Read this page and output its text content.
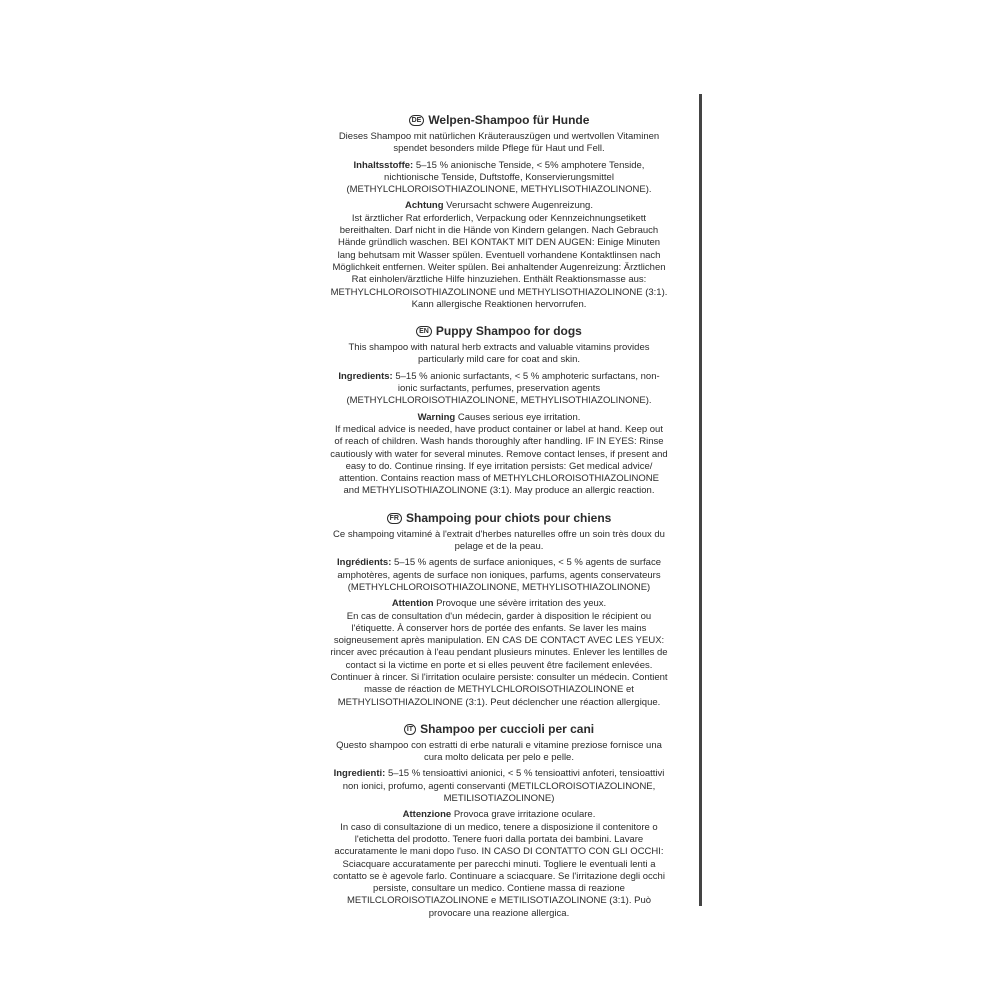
DE Welpen-Shampoo für Hunde
Dieses Shampoo mit natürlichen Kräuterauszügen und wertvollen Vitaminen spendet besonders milde Pflege für Haut und Fell.
Inhaltsstoffe: 5–15 % anionische Tenside, < 5% amphotere Tenside, nichtionische Tenside, Duftstoffe, Konservierungsmittel (METHYLCHLOROISOTHIAZOLINONE, METHYLISOTHIAZOLINONE).
Achtung Verursacht schwere Augenreizung.
Ist ärztlicher Rat erforderlich, Verpackung oder Kennzeichnungsetikett bereithalten. Darf nicht in die Hände von Kindern gelangen. Nach Gebrauch Hände gründlich waschen. BEI KONTAKT MIT DEN AUGEN: Einige Minuten lang behutsam mit Wasser spülen. Eventuell vorhandene Kontaktlinsen nach Möglichkeit entfernen. Weiter spülen. Bei anhaltender Augenreizung: Ärztlichen Rat einholen/ärztliche Hilfe hinzuziehen. Enthält Reaktionsmasse aus: METHYLCHLOROISOTHIAZOLINONE und METHYLISOTHIAZOLINONE (3:1). Kann allergische Reaktionen hervorrufen.
EN Puppy Shampoo for dogs
This shampoo with natural herb extracts and valuable vitamins provides particularly mild care for coat and skin.
Ingredients: 5–15 % anionic surfactants, < 5 % amphoteric surfactans, non-ionic surfactants, perfumes, preservation agents (METHYLCHLOROISOTHIAZOLINONE, METHYLISOTHIAZOLINONE).
Warning Causes serious eye irritation.
If medical advice is needed, have product container or label at hand. Keep out of reach of children. Wash hands thoroughly after handling. IF IN EYES: Rinse cautiously with water for several minutes. Remove contact lenses, if present and easy to do. Continue rinsing. If eye irritation persists: Get medical advice/ attention. Contains reaction mass of METHYLCHLOROISOTHIAZOLINONE and METHYLISOTHIAZOLINONE (3:1). May produce an allergic reaction.
FR Shampoing pour chiots pour chiens
Ce shampoing vitaminé à l'extrait d'herbes naturelles offre un soin très doux du pelage et de la peau.
Ingrédients: 5–15 % agents de surface anioniques, < 5 % agents de surface amphotères, agents de surface non ioniques, parfums, agents conservateurs (METHYLCHLOROISOTHIAZOLINONE, METHYLISOTHIAZOLINONE)
Attention Provoque une sévère irritation des yeux.
En cas de consultation d'un médecin, garder à disposition le récipient ou l'étiquette. À conserver hors de portée des enfants. Se laver les mains soigneusement après manipulation. EN CAS DE CONTACT AVEC LES YEUX: rincer avec précaution à l'eau pendant plusieurs minutes. Enlever les lentilles de contact si la victime en porte et si elles peuvent être facilement enlevées. Continuer à rincer. Si l'irritation oculaire persiste: consulter un médecin. Contient masse de réaction de METHYLCHLOROISOTHIAZOLINONE et METHYLISOTHIAZOLINONE (3:1). Peut déclencher une réaction allergique.
IT Shampoo per cuccioli per cani
Questo shampoo con estratti di erbe naturali e vitamine preziose fornisce una cura molto delicata per pelo e pelle.
Ingredienti: 5–15 % tensioattivi anionici, < 5 % tensioattivi anfoteri, tensioattivi non ionici, profumo, agenti conservanti (METILCLOROISOTIAZOLINONE, METILISOTIAZOLINONE)
Attenzione Provoca grave irritazione oculare.
In caso di consultazione di un medico, tenere a disposizione il contenitore o l'etichetta del prodotto. Tenere fuori dalla portata dei bambini. Lavare accuratamente le mani dopo l'uso. IN CASO DI CONTATTO CON GLI OCCHI: Sciacquare accuratamente per parecchi minuti. Togliere le eventuali lenti a contatto se è agevole farlo. Continuare a sciacquare. Se l'irritazione degli occhi persiste, consultare un medico. Contiene massa di reazione METILCLOROISOTIAZOLINONE e METILISOTIAZOLINONE (3:1). Può provocare una reazione allergica.
